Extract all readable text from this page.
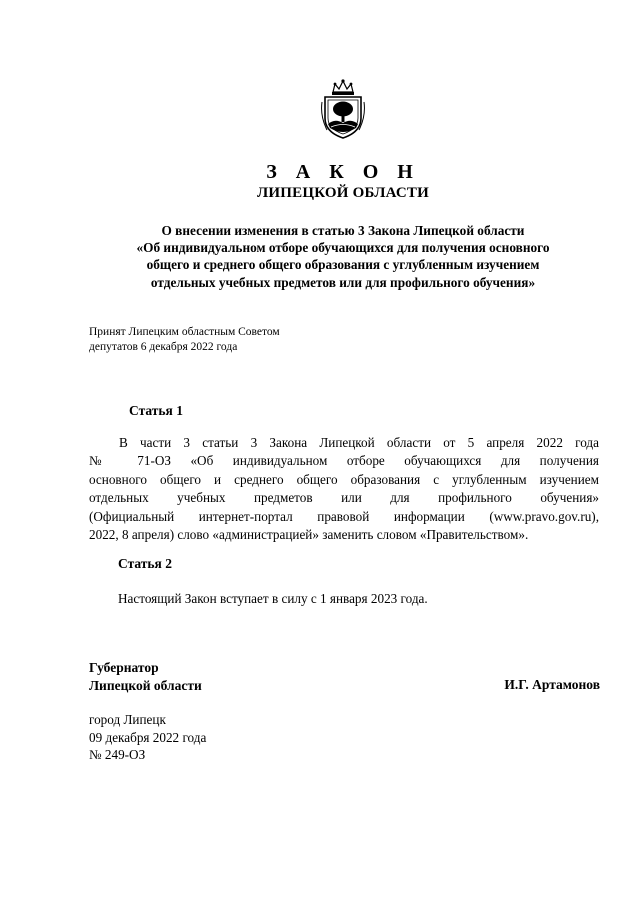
З А К О Н
ЛИПЕЦКОЙ ОБЛАСТИ
О внесении изменения в статью 3 Закона Липецкой области
«Об индивидуальном отборе обучающихся для получения основного
общего и среднего общего образования с углубленным изучением
отдельных учебных предметов или для профильного обучения»
Принят Липецким областным Советом
депутатов 6 декабря 2022 года
Статья 1
В части 3 статьи 3 Закона Липецкой области от 5 апреля 2022 года
№ 71-ОЗ «Об индивидуальном отборе обучающихся для получения
основного общего и среднего общего образования с углубленным изучением
отдельных учебных предметов или для профильного обучения»
(Официальный интернет-портал правовой информации (www.pravo.gov.ru),
2022, 8 апреля) слово «администрацией» заменить словом «Правительством».
Статья 2
Настоящий Закон вступает в силу с 1 января 2023 года.
Губернатор
Липецкой области	И.Г. Артамонов
город Липецк
09 декабря 2022 года
№ 249-ОЗ
